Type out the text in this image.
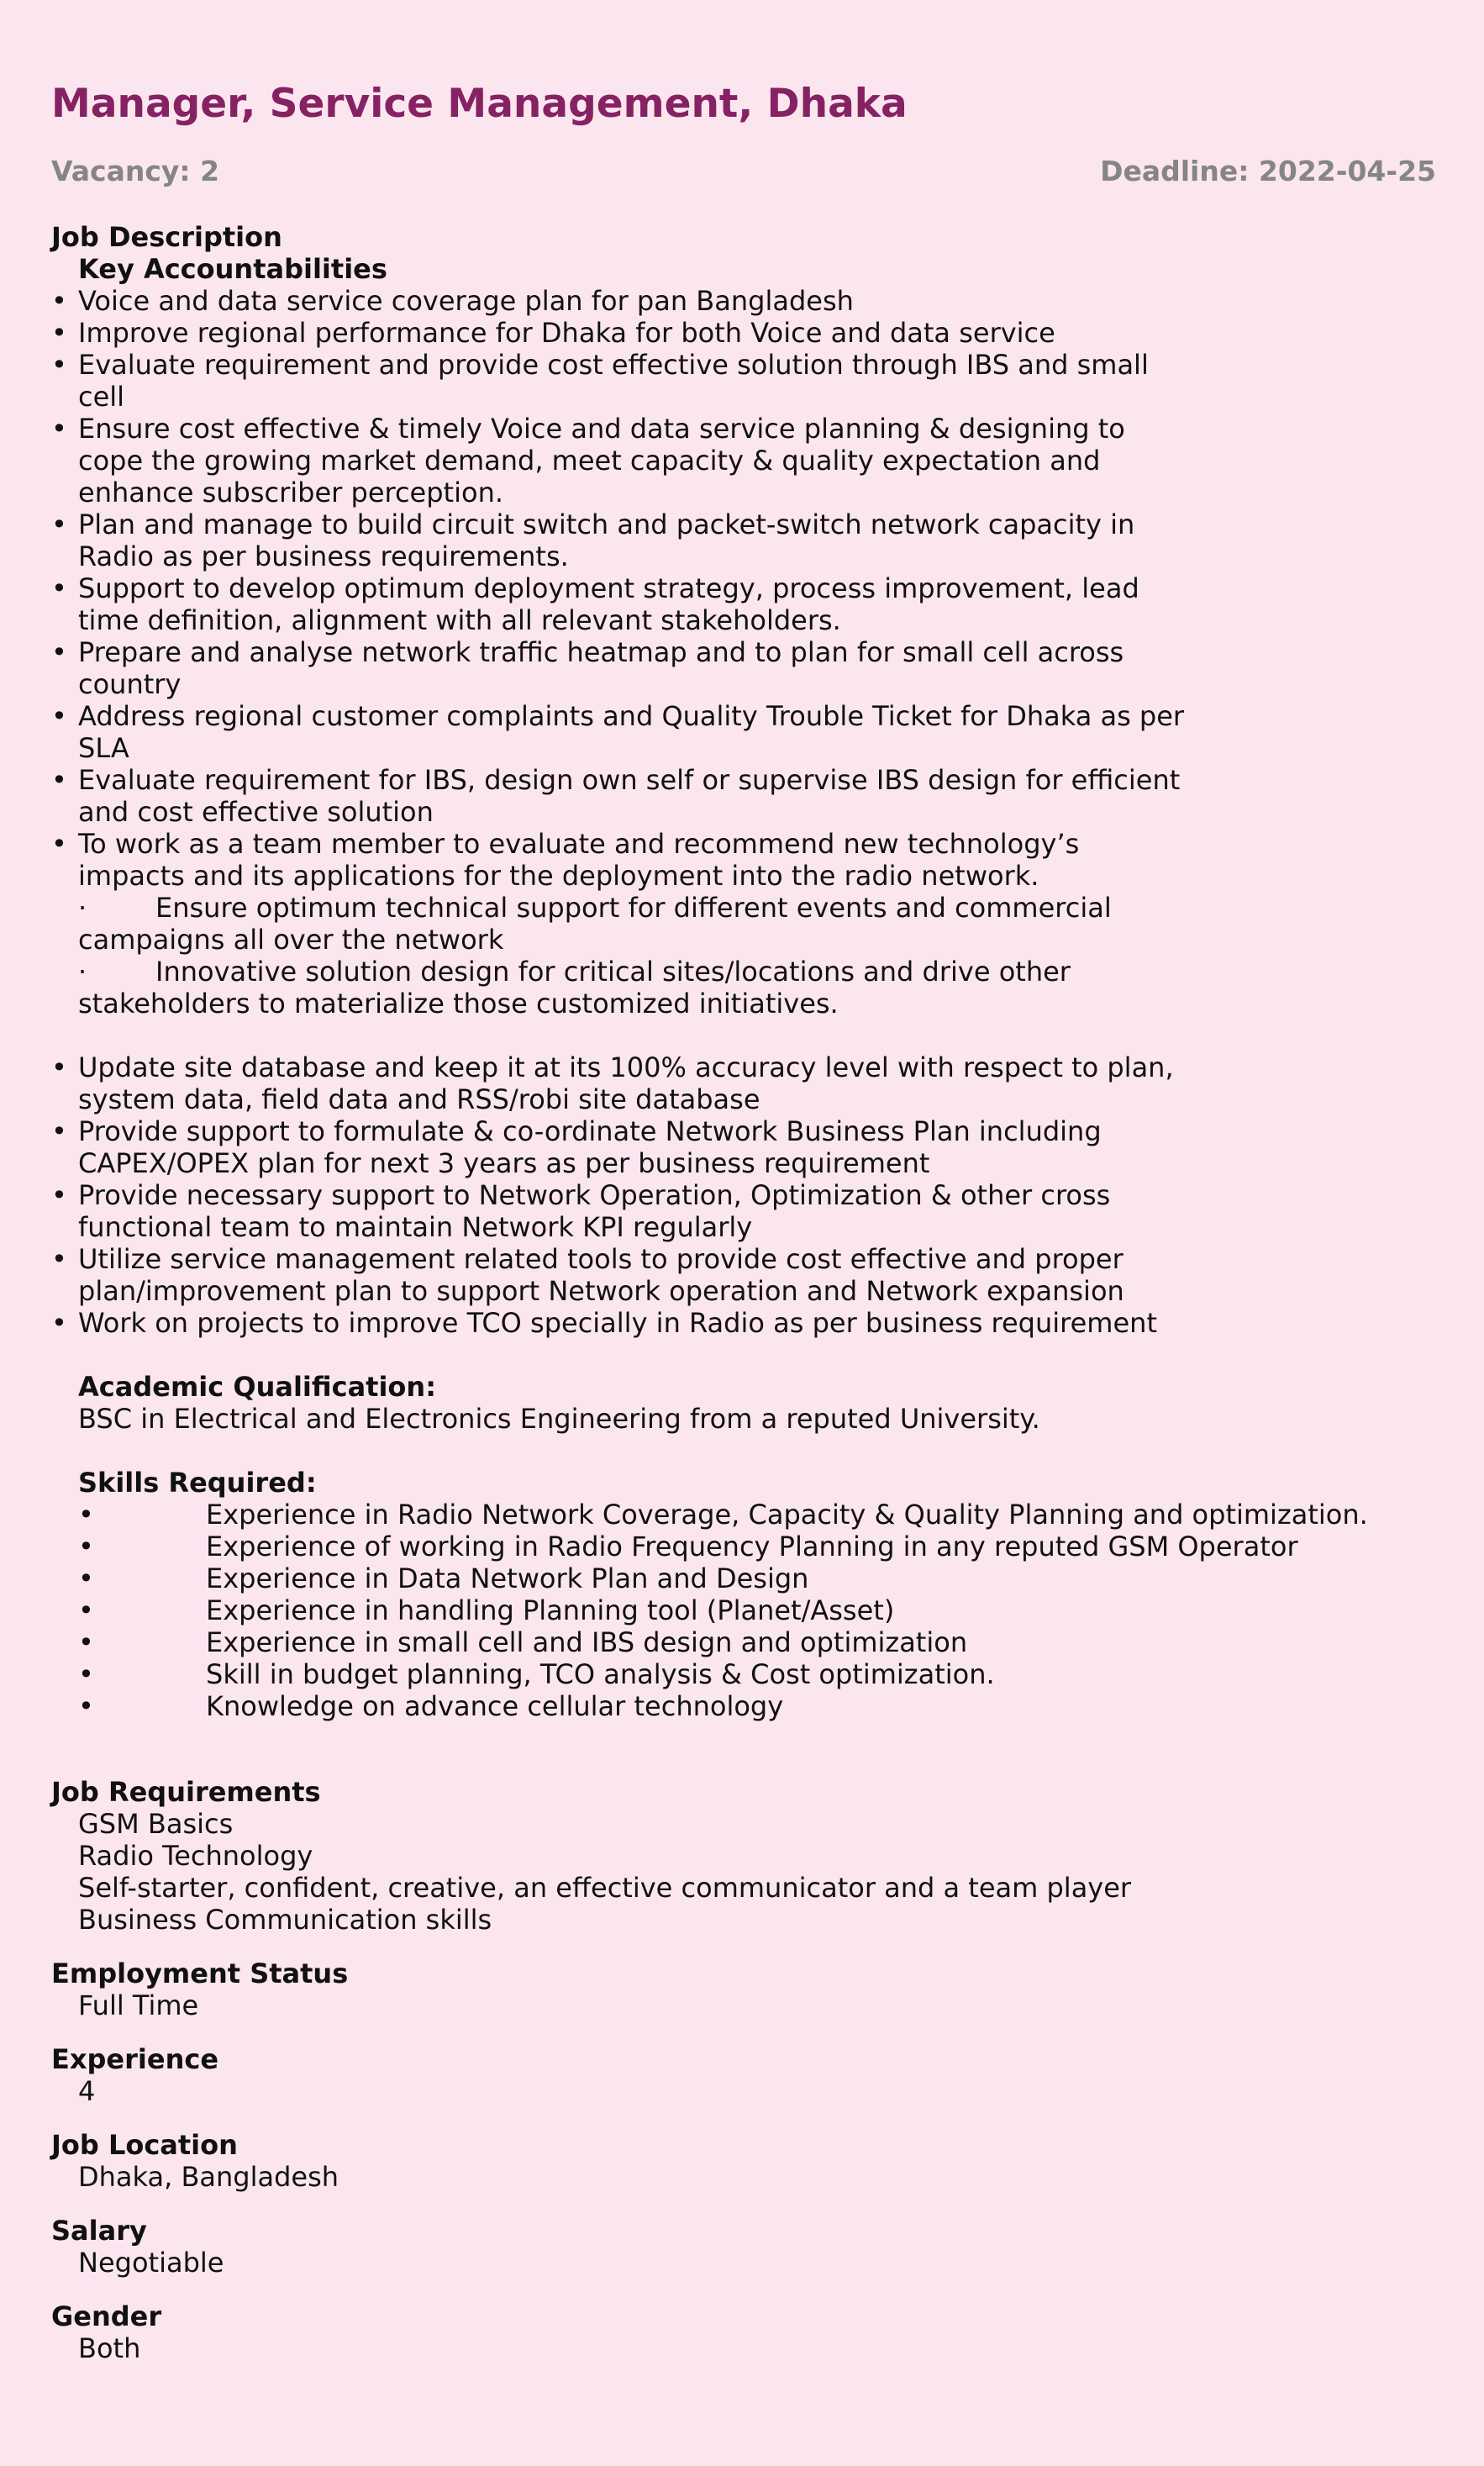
Manager, Service Management, Dhaka
Vacancy: 2	Deadline: 2022-04-25
Job Description
Key Accountabilities
• Voice and data service coverage plan for pan Bangladesh
• Improve regional performance for Dhaka for both Voice and data service
• Evaluate requirement and provide cost effective solution through IBS and small cell
• Ensure cost effective & timely Voice and data service planning & designing to cope the growing market demand, meet capacity & quality expectation and enhance subscriber perception.
• Plan and manage to build circuit switch and packet-switch network capacity in Radio as per business requirements.
• Support to develop optimum deployment strategy, process improvement, lead time definition, alignment with all relevant stakeholders.
• Prepare and analyse network traffic heatmap and to plan for small cell across country
• Address regional customer complaints and Quality Trouble Ticket for Dhaka as per SLA
• Evaluate requirement for IBS, design own self or supervise IBS design for efficient and cost effective solution
• To work as a team member to evaluate and recommend new technology’s impacts and its applications for the deployment into the radio network.
·	Ensure optimum technical support for different events and commercial
campaigns all over the network
·	Innovative solution design for critical sites/locations and drive other
stakeholders to materialize those customized initiatives.
• Update site database and keep it at its 100% accuracy level with respect to plan, system data, field data and RSS/robi site database
• Provide support to formulate & co-ordinate Network Business Plan including CAPEX/OPEX plan for next 3 years as per business requirement
• Provide necessary support to Network Operation, Optimization & other cross functional team to maintain Network KPI regularly
• Utilize service management related tools to provide cost effective and proper plan/improvement plan to support Network operation and Network expansion
• Work on projects to improve TCO specially in Radio as per business requirement
Academic Qualification:
BSC in Electrical and Electronics Engineering from a reputed University.
Skills Required:
•	Experience in Radio Network Coverage, Capacity & Quality Planning and optimization.
•	Experience of working in Radio Frequency Planning in any reputed GSM Operator
•	Experience in Data Network Plan and Design
•	Experience in handling Planning tool (Planet/Asset)
•	Experience in small cell and IBS design and optimization
•	Skill in budget planning, TCO analysis & Cost optimization.
•	Knowledge on advance cellular technology
Job Requirements
GSM Basics
Radio Technology
Self-starter, confident, creative, an effective communicator and a team player
Business Communication skills
Employment Status
Full Time
Experience
4
Job Location
Dhaka, Bangladesh
Salary
Negotiable
Gender
Both
